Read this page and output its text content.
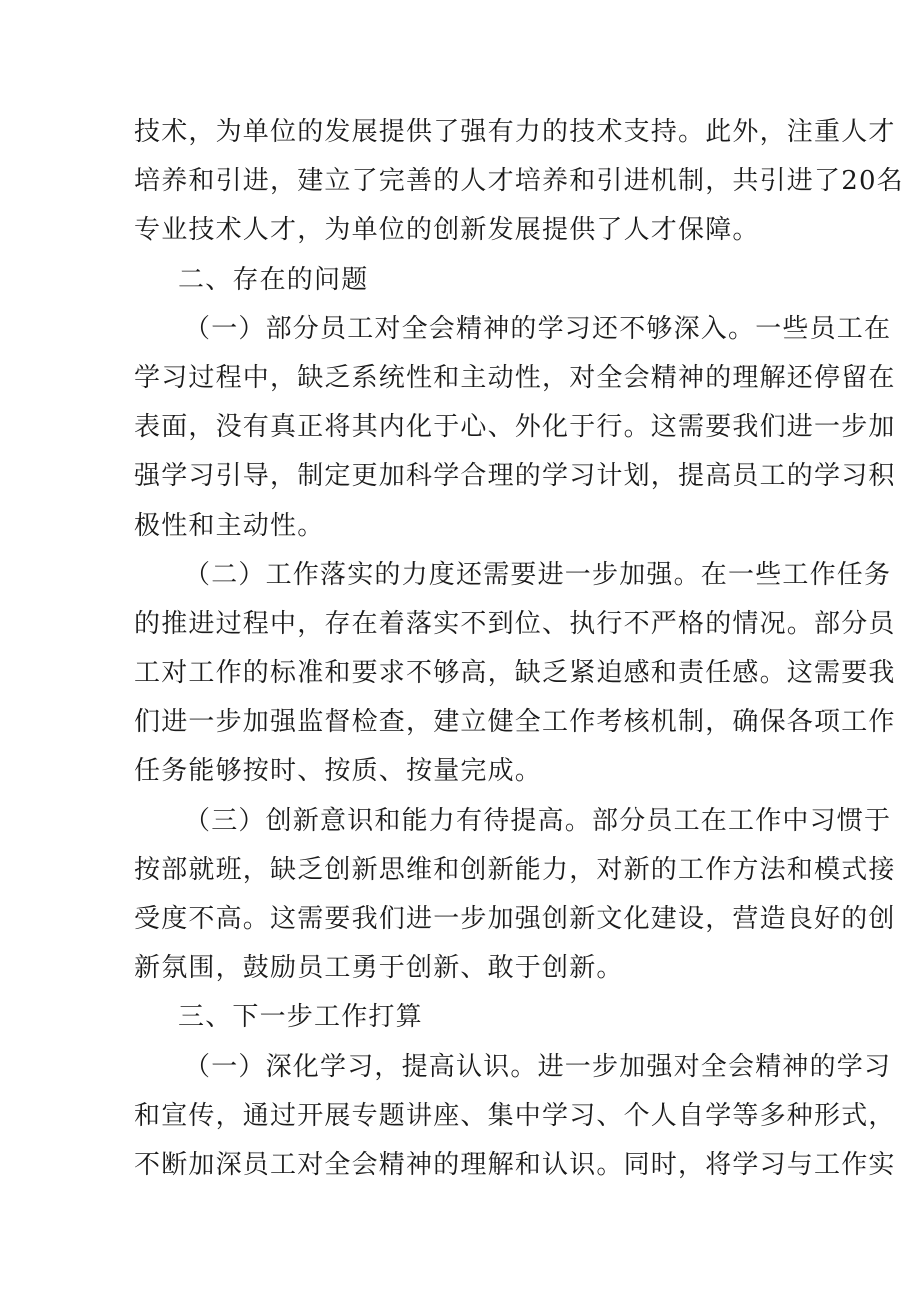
技术，为单位的发展提供了强有力的技术支持。此外，注重人才
培养和引进，建立了完善的人才培养和引进机制，共引进了20名
专业技术人才，为单位的创新发展提供了人才保障。
二、存在的问题
（一）部分员工对全会精神的学习还不够深入。一些员工在
学习过程中，缺乏系统性和主动性，对全会精神的理解还停留在
表面，没有真正将其内化于心、外化于行。这需要我们进一步加
强学习引导，制定更加科学合理的学习计划，提高员工的学习积
极性和主动性。
（二）工作落实的力度还需要进一步加强。在一些工作任务
的推进过程中，存在着落实不到位、执行不严格的情况。部分员
工对工作的标准和要求不够高，缺乏紧迫感和责任感。这需要我
们进一步加强监督检查，建立健全工作考核机制，确保各项工作
任务能够按时、按质、按量完成。
（三）创新意识和能力有待提高。部分员工在工作中习惯于
按部就班，缺乏创新思维和创新能力，对新的工作方法和模式接
受度不高。这需要我们进一步加强创新文化建设，营造良好的创
新氛围，鼓励员工勇于创新、敢于创新。
三、下一步工作打算
（一）深化学习，提高认识。进一步加强对全会精神的学习
和宣传，通过开展专题讲座、集中学习、个人自学等多种形式，
不断加深员工对全会精神的理解和认识。同时，将学习与工作实
